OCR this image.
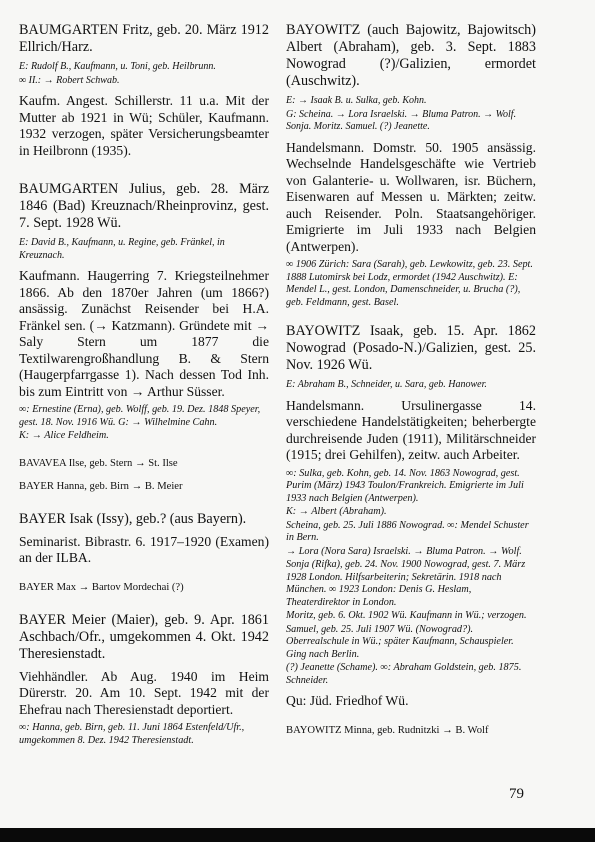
BAUMGARTEN Fritz, geb. 20. März 1912 Ellrich/Harz.

E: Rudolf B., Kaufmann, u. Toni, geb. Heilbrunn.

∞ II.: → Robert Schwab.

Kaufm. Angest. Schillerstr. 11 u.a. Mit der Mutter ab 1921 in Wü; Schüler, Kaufmann. 1932 verzogen, später Versicherungsbeamter in Heilbronn (1935).

BAUMGARTEN Julius, geb. 28. März 1846 (Bad) Kreuznach/Rheinprovinz, gest. 7. Sept. 1928 Wü.

E: David B., Kaufmann, u. Regine, geb. Fränkel, in Kreuznach.

Kaufmann. Haugerring 7. Kriegsteilnehmer 1866. Ab den 1870er Jahren (um 1866?) ansässig. Zunächst Reisender bei H.A. Fränkel sen. (→ Katzmann). Gründete mit → Saly Stern um 1877 die Textilwarengroßhandlung B. & Stern (Haugerpfarrgasse 1). Nach dessen Tod Inh. bis zum Eintritt von → Arthur Süsser.

∞: Ernestine (Erna), geb. Wolff, geb. 19. Dez. 1848 Speyer, gest. 18. Nov. 1916 Wü. G: → Wilhelmine Cahn.

K: → Alice Feldheim.

BAVAVEA Ilse, geb. Stern → St. Ilse

BAYER Hanna, geb. Birn → B. Meier

BAYER Isak (Issy), geb.? (aus Bayern).

Seminarist. Bibrastr. 6. 1917–1920 (Examen) an der ILBA.

BAYER Max → Bartov Mordechai (?)

BAYER Meier (Maier), geb. 9. Apr. 1861 Aschbach/Ofr., umgekommen 4. Okt. 1942 Theresienstadt.

Viehhändler. Ab Aug. 1940 im Heim Dürerstr. 20. Am 10. Sept. 1942 mit der Ehefrau nach Theresienstadt deportiert.

∞: Hanna, geb. Birn, geb. 11. Juni 1864 Estenfeld/Ufr., umgekommen 8. Dez. 1942 Theresienstadt.

BAYOWITZ (auch Bajowitz, Bajowitsch) Albert (Abraham), geb. 3. Sept. 1883 Nowograd (?)/Galizien, ermordet (Auschwitz).

E: → Isaak B. u. Sulka, geb. Kohn.

G: Scheina. → Lora Israelski. → Bluma Patron. → Wolf. Sonja. Moritz. Samuel. (?) Jeanette.

Handelsmann. Domstr. 50. 1905 ansässig. Wechselnde Handelsgeschäfte wie Vertrieb von Galanterie- u. Wollwaren, isr. Büchern, Eisenwaren auf Messen u. Märkten; zeitw. auch Reisender. Poln. Staatsangehöriger. Emigrierte im Juli 1933 nach Belgien (Antwerpen).

∞ 1906 Zürich: Sara (Sarah), geb. Lewkowitz, geb. 23. Sept. 1888 Lutomirsk bei Lodz, ermordet (1942 Auschwitz). E: Mendel L., gest. London, Damenschneider, u. Brucha (?), geb. Feldmann, gest. Basel.

BAYOWITZ Isaak, geb. 15. Apr. 1862 Nowograd (Posado-N.)/Galizien, gest. 25. Nov. 1926 Wü.

E: Abraham B., Schneider, u. Sara, geb. Hanower.

Handelsmann. Ursulinergasse 14. verschiedene Handelstätigkeiten; beherbergte durchreisende Juden (1911), Militärschneider (1915; drei Gehilfen), zeitw. auch Arbeiter.

∞: Sulka, geb. Kohn, geb. 14. Nov. 1863 Nowograd, gest. Purim (März) 1943 Toulon/Frankreich. Emigrierte im Juli 1933 nach Belgien (Antwerpen).

K: → Albert (Abraham).

Scheina, geb. 25. Juli 1886 Nowograd. ∞: Mendel Schuster in Bern.

→ Lora (Nora Sara) Israelski. → Bluma Patron. → Wolf.

Sonja (Rifka), geb. 24. Nov. 1900 Nowograd, gest. 7. März 1928 London. Hilfsarbeiterin; Sekretärin. 1918 nach München. ∞ 1923 London: Denis G. Heslam, Theaterdirektor in London.

Moritz, geb. 6. Okt. 1902 Wü. Kaufmann in Wü.; verzogen.

Samuel, geb. 25. Juli 1907 Wü. (Nowograd?). Oberrealschule in Wü.; später Kaufmann, Schauspieler. Ging nach Berlin.

(?) Jeanette (Schame). ∞: Abraham Goldstein, geb. 1875. Schneider.

Qu: Jüd. Friedhof Wü.

BAYOWITZ Minna, geb. Rudnitzki → B. Wolf

79
